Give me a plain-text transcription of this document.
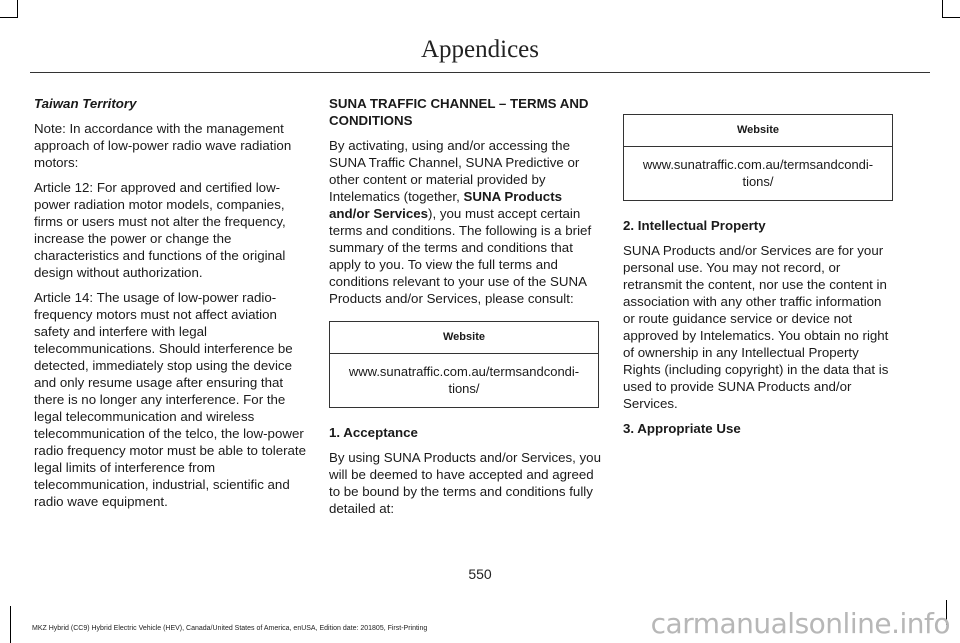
Appendices
Taiwan Territory

Note: In accordance with the management approach of low-power radio wave radiation motors:

Article 12: For approved and certified low-power radiation motor models, companies, firms or users must not alter the frequency, increase the power or change the characteristics and functions of the original design without authorization.

Article 14: The usage of low-power radio-frequency motors must not affect aviation safety and interfere with legal telecommunications. Should interference be detected, immediately stop using the device and only resume usage after ensuring that there is no longer any interference. For the legal telecommunication and wireless telecommunication of the telco, the low-power radio frequency motor must be able to tolerate legal limits of interference from telecommunication, industrial, scientific and radio wave equipment.

SUNA TRAFFIC CHANNEL – TERMS AND CONDITIONS

By activating, using and/or accessing the SUNA Traffic Channel, SUNA Predictive or other content or material provided by Intelematics (together, SUNA Products and/or Services), you must accept certain terms and conditions. The following is a brief summary of the terms and conditions that apply to you. To view the full terms and conditions relevant to your use of the SUNA Products and/or Services, please consult:

Website
www.sunatraffic.com.au/termsandcondi-tions/
1. Acceptance

By using SUNA Products and/or Services, you will be deemed to have accepted and agreed to be bound by the terms and conditions fully detailed at:

Website
www.sunatraffic.com.au/termsandcondi-tions/
2. Intellectual Property

SUNA Products and/or Services are for your personal use. You may not record, or retransmit the content, nor use the content in association with any other traffic information or route guidance service or device not approved by Intelematics. You obtain no right of ownership in any Intellectual Property Rights (including copyright) in the data that is used to provide SUNA Products and/or Services.

3. Appropriate Use
550
MKZ Hybrid (CC9) Hybrid Electric Vehicle (HEV), Canada/United States of America, enUSA, Edition date: 201805, First-Printing	carmanualsonline.info
